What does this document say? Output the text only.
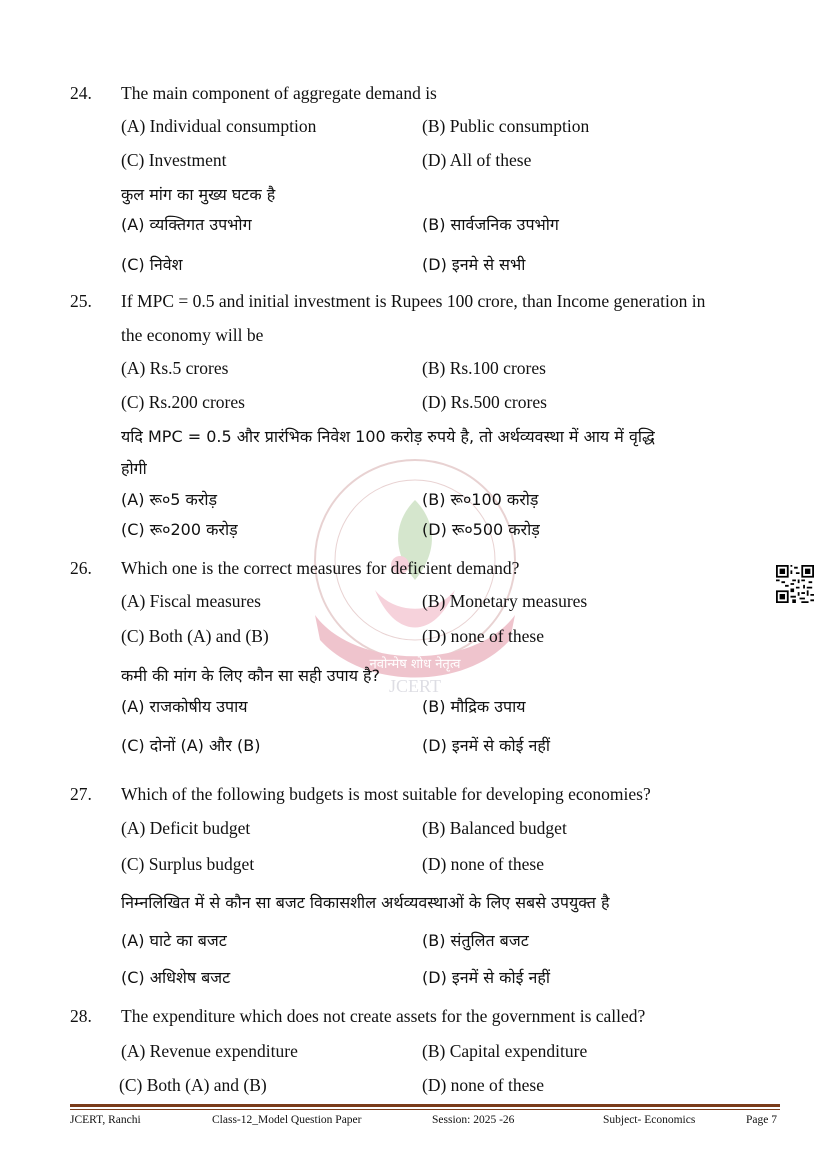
नवोन्मेष शोध नेतृत्व
JCERT
24. The main component of aggregate demand is
(A) Individual consumption	(B) Public consumption
(C) Investment	(D) All of these
कुल मांग का मुख्य घटक है
(A) व्यक्तिगत उपभोग	(B) सार्वजनिक उपभोग
(C) निवेश	(D) इनमे से सभी
25. If MPC = 0.5 and initial investment is Rupees 100 crore, than Income generation in
the economy will be
(A) Rs.5 crores	(B) Rs.100 crores
(C) Rs.200 crores	(D) Rs.500 crores
यदि MPC = 0.5 और प्रारंभिक निवेश 100 करोड़ रुपये है, तो अर्थव्यवस्था में आय में वृद्धि
होगी
(A) रू०5 करोड़	(B) रू०100 करोड़
(C) रू०200 करोड़	(D) रू०500 करोड़
26. Which one is the correct measures for deficient demand?
(A) Fiscal measures	(B) Monetary measures
(C) Both (A) and (B)	(D) none of these
कमी की मांग के लिए कौन सा सही उपाय है?
(A) राजकोषीय उपाय	(B) मौद्रिक उपाय
(C) दोनों (A) और (B)	(D) इनमें से कोई नहीं
27. Which of the following budgets is most suitable for developing economies?
(A) Deficit budget	(B) Balanced budget
(C) Surplus budget	(D) none of these
निम्नलिखित में से कौन सा बजट विकासशील अर्थव्यवस्थाओं के लिए सबसे उपयुक्त है
(A) घाटे का बजट	(B) संतुलित बजट
(C) अधिशेष बजट	(D) इनमें से कोई नहीं
28. The expenditure which does not create assets for the government is called?
(A) Revenue expenditure	(B) Capital expenditure
(C) Both (A) and (B)	(D) none of these
JCERT, Ranchi	Class-12_Model Question Paper	Session: 2025 -26	Subject- Economics	Page 7
